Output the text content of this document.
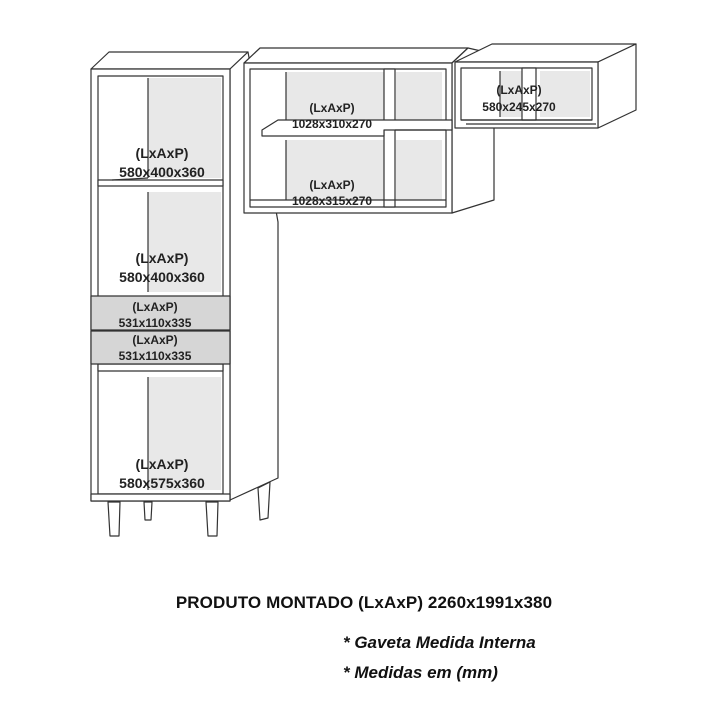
(LxAxP)
580x400x360
(LxAxP)
580x400x360
(LxAxP)
531x110x335
(LxAxP)
531x110x335
(LxAxP)
580x575x360
(LxAxP)
1028x310x270
(LxAxP)
1028x315x270
(LxAxP)
580x245x270
PRODUTO MONTADO (LxAxP) 2260x1991x380
* Gaveta Medida Interna
* Medidas em (mm)
